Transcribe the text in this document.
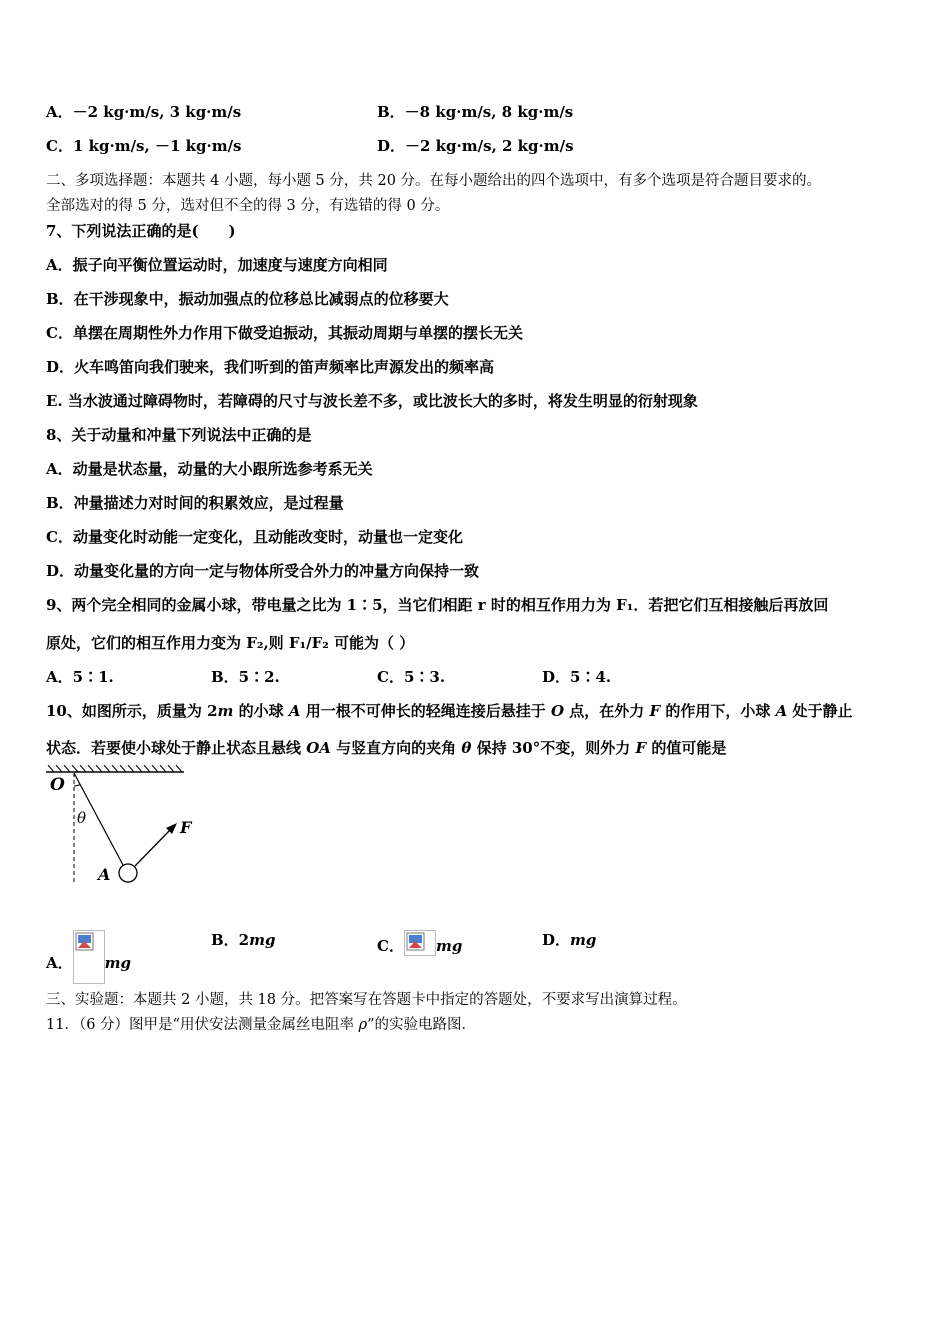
A．－2 kg·m/s, 3 kg·m/s	B．－8 kg·m/s, 8 kg·m/s
C．1 kg·m/s, －1 kg·m/s	D．－2 kg·m/s, 2 kg·m/s
二、多项选择题：本题共 4 小题，每小题 5 分，共 20 分。在每小题给出的四个选项中，有多个选项是符合题目要求的。
全部选对的得 5 分，选对但不全的得 3 分，有选错的得 0 分。
7、下列说法正确的是(　　)
A．振子向平衡位置运动时，加速度与速度方向相同
B．在干涉现象中，振动加强点的位移总比减弱点的位移要大
C．单摆在周期性外力作用下做受迫振动，其振动周期与单摆的摆长无关
D．火车鸣笛向我们驶来，我们听到的笛声频率比声源发出的频率高
E. 当水波通过障碍物时，若障碍的尺寸与波长差不多，或比波长大的多时，将发生明显的衍射现象
8、关于动量和冲量下列说法中正确的是
A．动量是状态量，动量的大小跟所选参考系无关
B．冲量描述力对时间的积累效应，是过程量
C．动量变化时动能一定变化，且动能改变时，动量也一定变化
D．动量变化量的方向一定与物体所受合外力的冲量方向保持一致
9、两个完全相同的金属小球，带电量之比为 1∶5，当它们相距 r 时的相互作用力为 F₁．若把它们互相接触后再放回
原处，它们的相互作用力变为 F₂,则 F₁/F₂ 可能为（ ）
A．5∶1.	B．5∶2.	C．5∶3.	D．5∶4.
10、如图所示，质量为 2m 的小球 A 用一根不可伸长的轻绳连接后悬挂于 O 点，在外力 F 的作用下，小球 A 处于静止
状态．若要使小球处于静止状态且悬线 OA 与竖直方向的夹角 θ 保持 30°不变，则外力 F 的值可能是
O
θ	F
A
A． mg
B．2mg	C． mg	D．mg
三、实验题：本题共 2 小题，共 18 分。把答案写在答题卡中指定的答题处，不要求写出演算过程。
11．（6 分）图甲是“用伏安法测量金属丝电阻率 ρ”的实验电路图．
